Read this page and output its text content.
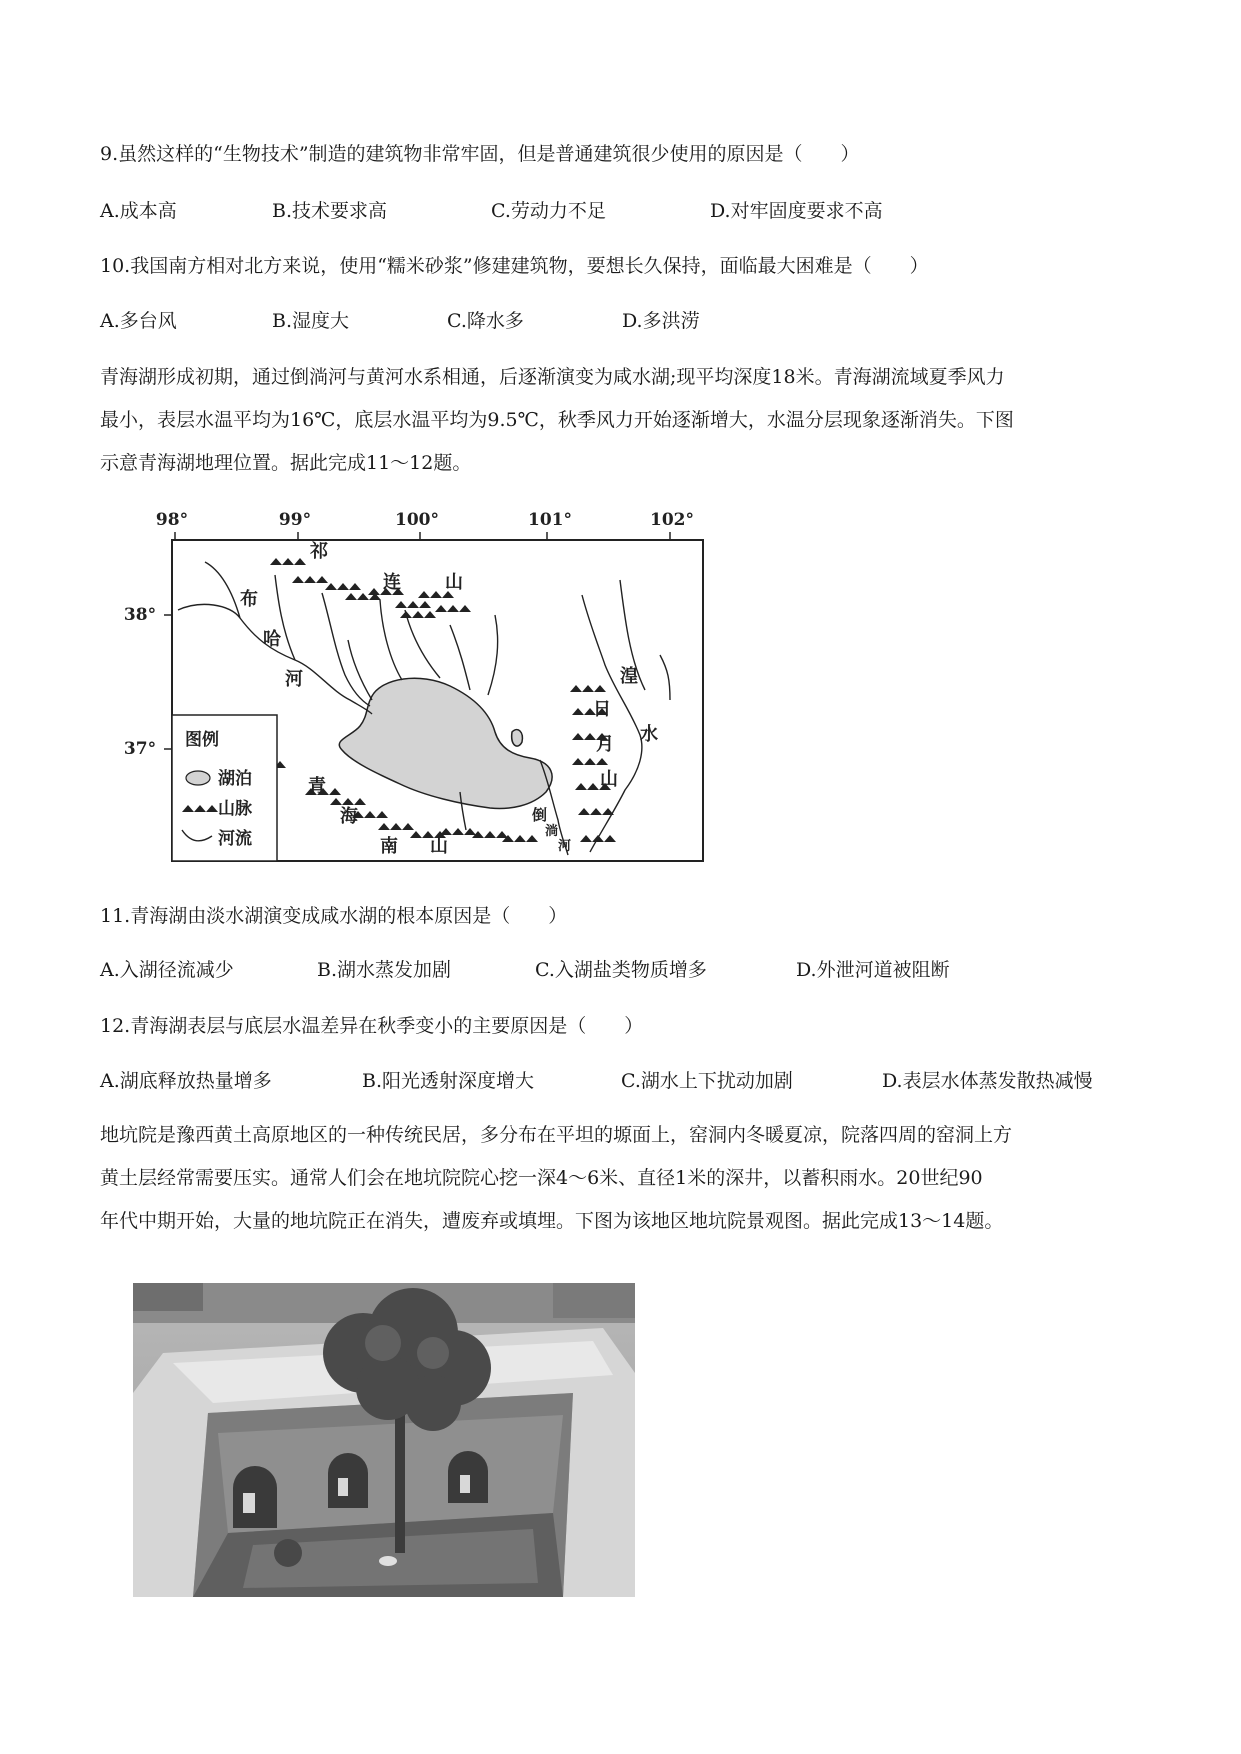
9.虽然这样的“生物技术”制造的建筑物非常牢固，但是普通建筑很少使用的原因是（　　）
A.成本高	B.技术要求高	C.劳动力不足	D.对牢固度要求不高
10.我国南方相对北方来说，使用“糯米砂浆”修建建筑物，要想长久保持，面临最大困难是（　　）
A.多台风	B.湿度大	C.降水多	D.多洪涝
青海湖形成初期，通过倒淌河与黄河水系相通，后逐渐演变为咸水湖;现平均深度18米。青海湖流域夏季风力
最小，表层水温平均为16℃，底层水温平均为9.5℃，秋季风力开始逐渐增大，水温分层现象逐渐消失。下图
示意青海湖地理位置。据此完成11～12题。
98°	99°	100°	101°	102°
38°
37°
祁
连 山
布
哈
河	湟
水
日
月
山
青
海
南 山
倒
淌
河
图例
湖泊
山脉
河流
11.青海湖由淡水湖演变成咸水湖的根本原因是（　　）
A.入湖径流减少	B.湖水蒸发加剧	C.入湖盐类物质增多	D.外泄河道被阻断
12.青海湖表层与底层水温差异在秋季变小的主要原因是（　　）
A.湖底释放热量增多	B.阳光透射深度增大	C.湖水上下扰动加剧	D.表层水体蒸发散热减慢
地坑院是豫西黄土高原地区的一种传统民居，多分布在平坦的塬面上，窑洞内冬暖夏凉，院落四周的窑洞上方
黄土层经常需要压实。通常人们会在地坑院院心挖一深4～6米、直径1米的深井，以蓄积雨水。20世纪90
年代中期开始，大量的地坑院正在消失，遭废弃或填埋。下图为该地区地坑院景观图。据此完成13～14题。
